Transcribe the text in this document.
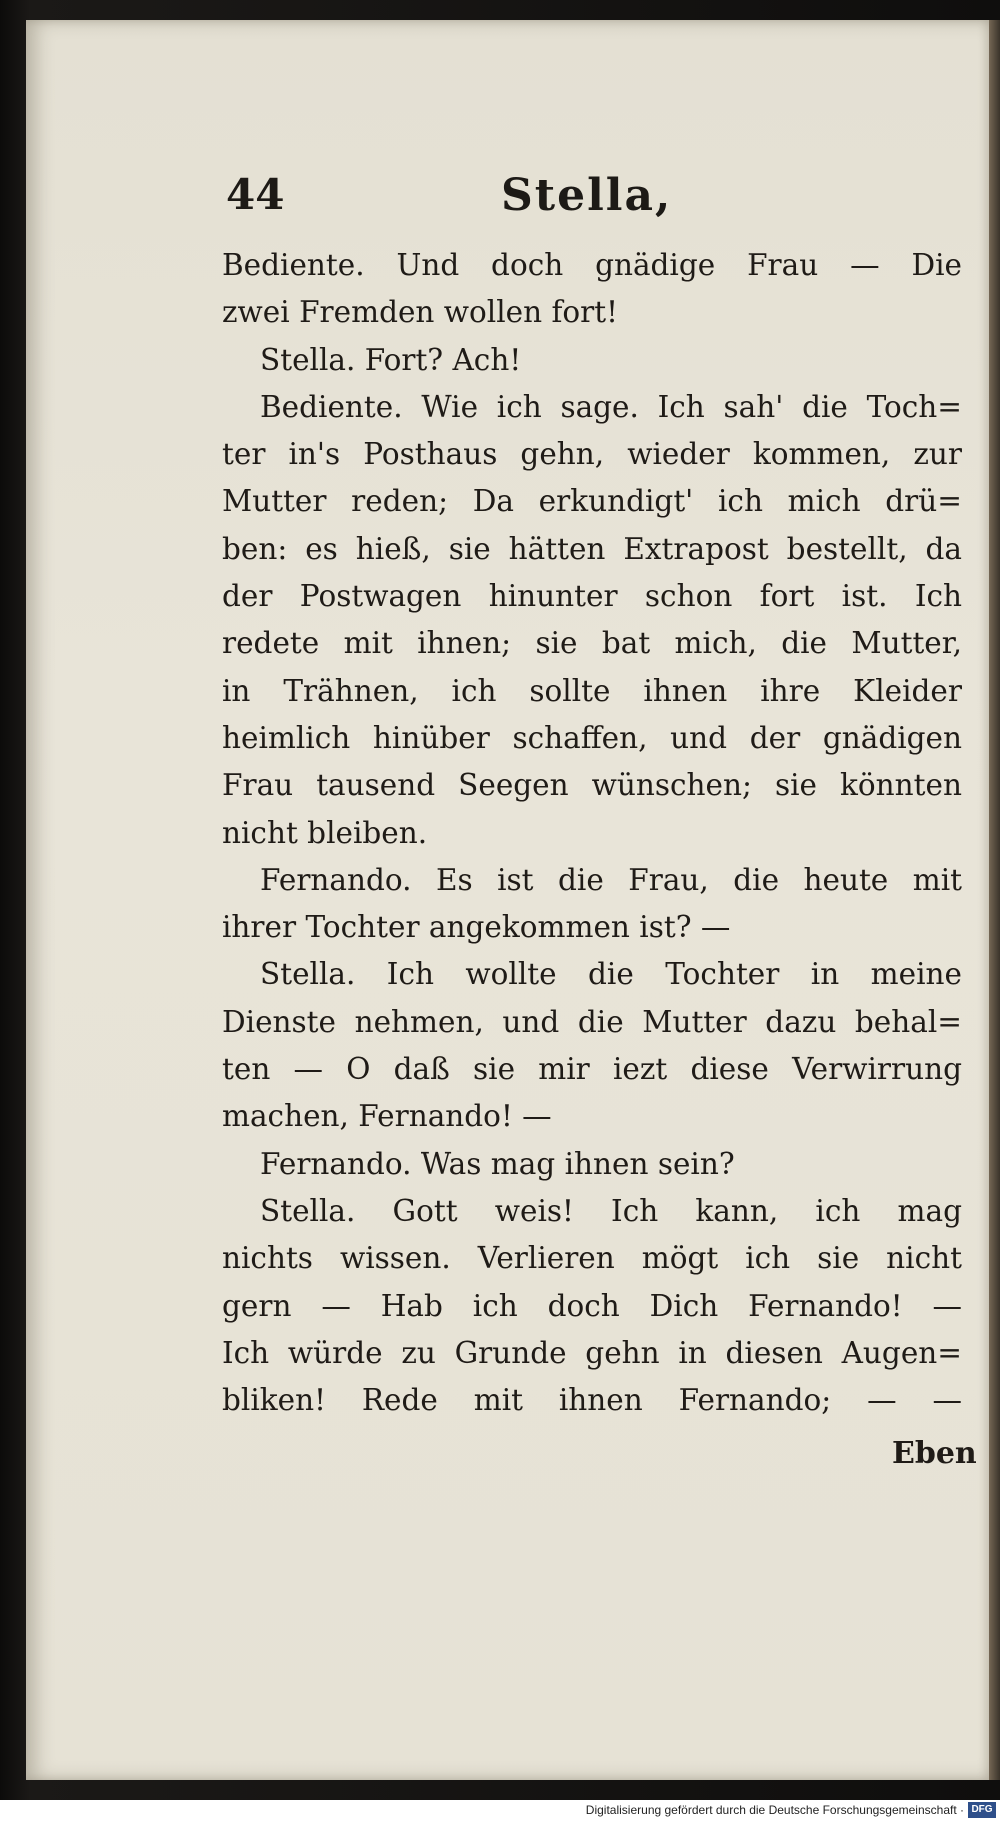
44	Stella,
Bediente. Und doch gnädige Frau — Die
zwei Fremden wollen fort!
Stella. Fort? Ach!
Bediente. Wie ich sage. Ich sah' die Toch=
ter in's Posthaus gehn, wieder kommen, zur
Mutter reden; Da erkundigt' ich mich drü=
ben: es hieß, sie hätten Extrapost bestellt, da
der Postwagen hinunter schon fort ist. Ich
redete mit ihnen; sie bat mich, die Mutter,
in Trähnen, ich sollte ihnen ihre Kleider
heimlich hinüber schaffen, und der gnädigen
Frau tausend Seegen wünschen; sie könnten
nicht bleiben.
Fernando. Es ist die Frau, die heute mit
ihrer Tochter angekommen ist? —
Stella. Ich wollte die Tochter in meine
Dienste nehmen, und die Mutter dazu behal=
ten — O daß sie mir iezt diese Verwirrung
machen, Fernando! —
Fernando. Was mag ihnen sein?
Stella. Gott weis! Ich kann, ich mag
nichts wissen. Verlieren mögt ich sie nicht
gern — Hab ich doch Dich Fernando! —
Ich würde zu Grunde gehn in diesen Augen=
bliken! Rede mit ihnen Fernando; — —
Eben
Digitalisierung gefördert durch die Deutsche Forschungsgemeinschaft · DFG
